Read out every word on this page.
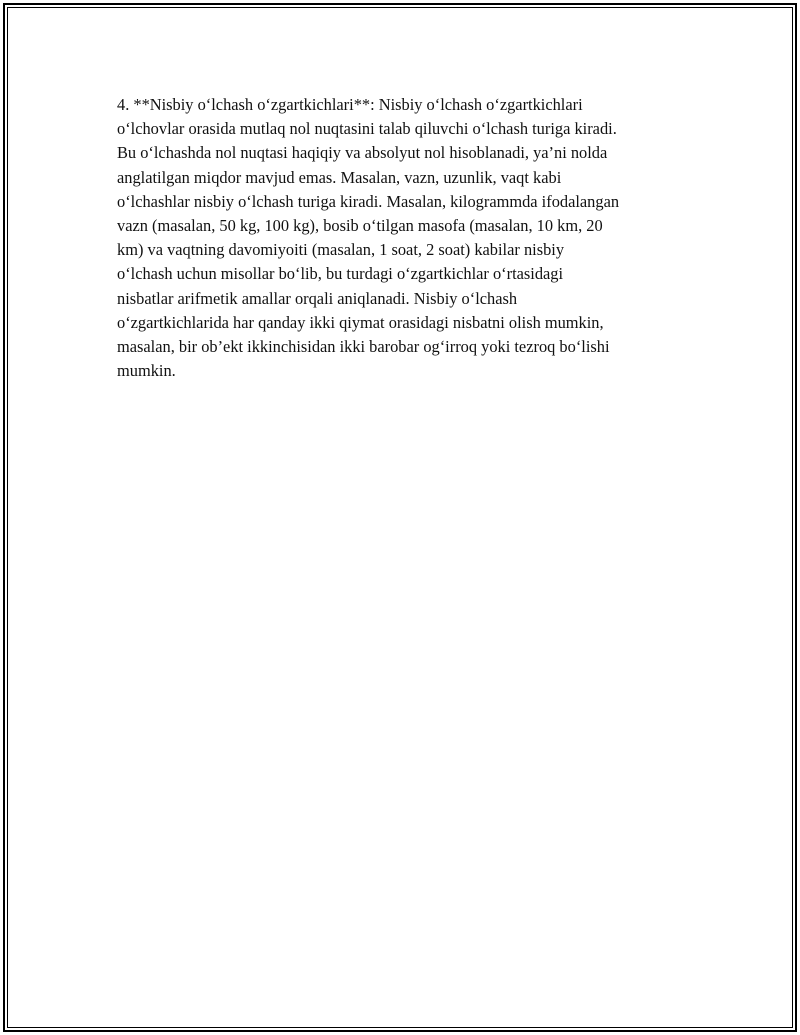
4. **Nisbiy o‘lchash o‘zgartkichlari**: Nisbiy o‘lchash o‘zgartkichlari
o‘lchovlar orasida mutlaq nol nuqtasini talab qiluvchi o‘lchash turiga kiradi.
Bu o‘lchashda nol nuqtasi haqiqiy va absolyut nol hisoblanadi, ya’ni nolda
anglatilgan miqdor mavjud emas. Masalan, vazn, uzunlik, vaqt kabi
o‘lchashlar nisbiy o‘lchash turiga kiradi. Masalan, kilogrammda ifodalangan
vazn (masalan, 50 kg, 100 kg), bosib o‘tilgan masofa (masalan, 10 km, 20
km) va vaqtning davomiyoiti (masalan, 1 soat, 2 soat) kabilar nisbiy
o‘lchash uchun misollar bo‘lib, bu turdagi o‘zgartkichlar o‘rtasidagi
nisbatlar arifmetik amallar orqali aniqlanadi. Nisbiy o‘lchash
o‘zgartkichlarida har qanday ikki qiymat orasidagi nisbatni olish mumkin,
masalan, bir ob’ekt ikkinchisidan ikki barobar og‘irroq yoki tezroq bo‘lishi
mumkin.
